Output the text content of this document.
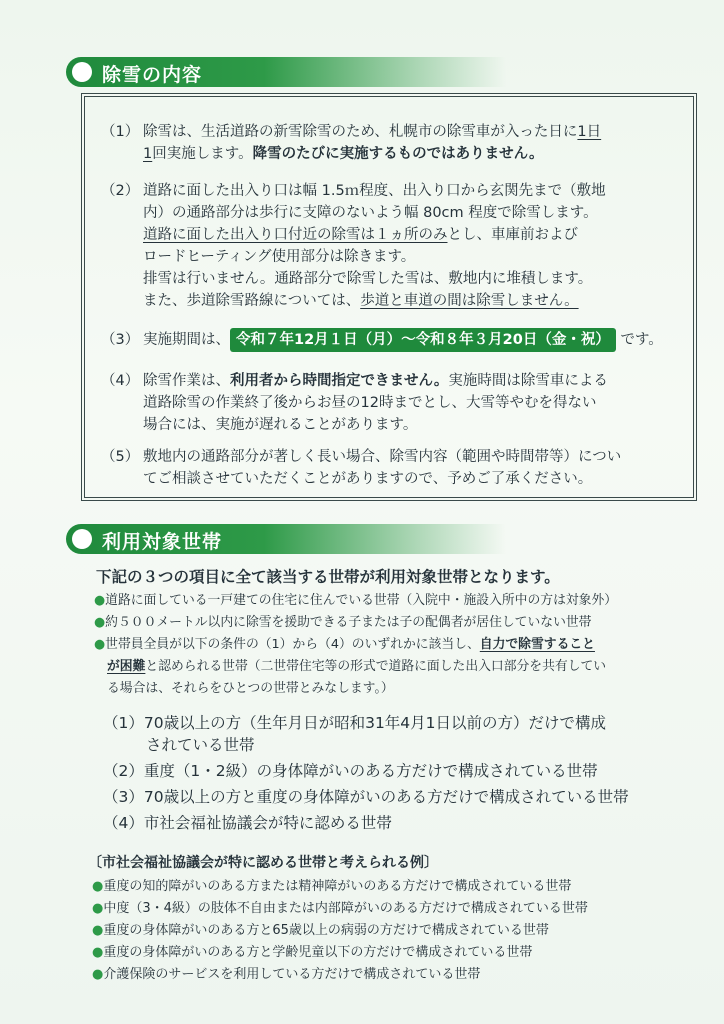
除雪の内容
（1） 除雪は、生活道路の新雪除雪のため、札幌市の除雪車が入った日に1日
1回実施します。降雪のたびに実施するものではありません。
（2） 道路に面した出入り口は幅 1.5ｍ程度、出入り口から玄関先まで（敷地
内）の通路部分は歩行に支障のないよう幅 80cm 程度で除雪します。
道路に面した出入り口付近の除雪は１ヵ所のみとし、車庫前および
ロードヒーティング使用部分は除きます。
排雪は行いません。通路部分で除雪した雪は、敷地内に堆積します。
また、歩道除雪路線については、歩道と車道の間は除雪しません。
（3） 実施期間は、 令和７年12月１日（月）～令和８年３月20日（金・祝） です。
（4） 除雪作業は、利用者から時間指定できません。実施時間は除雪車による
道路除雪の作業終了後からお昼の12時までとし、大雪等やむを得ない
場合には、実施が遅れることがあります。
（5） 敷地内の通路部分が著しく長い場合、除雪内容（範囲や時間帯等）につい
てご相談させていただくことがありますので、予めご了承ください。
利用対象世帯
下記の３つの項目に全て該当する世帯が利用対象世帯となります。
●道路に面している一戸建ての住宅に住んでいる世帯（入院中・施設入所中の方は対象外）
●約５００メートル以内に除雪を援助できる子または子の配偶者が居住していない世帯
●世帯員全員が以下の条件の（1）から（4）のいずれかに該当し、自力で除雪すること
が困難と認められる世帯（二世帯住宅等の形式で道路に面した出入口部分を共有してい
る場合は、それらをひとつの世帯とみなします。）
（1）70歳以上の方（生年月日が昭和31年4月1日以前の方）だけで構成
されている世帯
（2）重度（1・2級）の身体障がいのある方だけで構成されている世帯
（3）70歳以上の方と重度の身体障がいのある方だけで構成されている世帯
（4）市社会福祉協議会が特に認める世帯
〔市社会福祉協議会が特に認める世帯と考えられる例〕
●重度の知的障がいのある方または精神障がいのある方だけで構成されている世帯
●中度（3・4級）の肢体不自由または内部障がいのある方だけで構成されている世帯
●重度の身体障がいのある方と65歳以上の病弱の方だけで構成されている世帯
●重度の身体障がいのある方と学齢児童以下の方だけで構成されている世帯
●介護保険のサービスを利用している方だけで構成されている世帯
